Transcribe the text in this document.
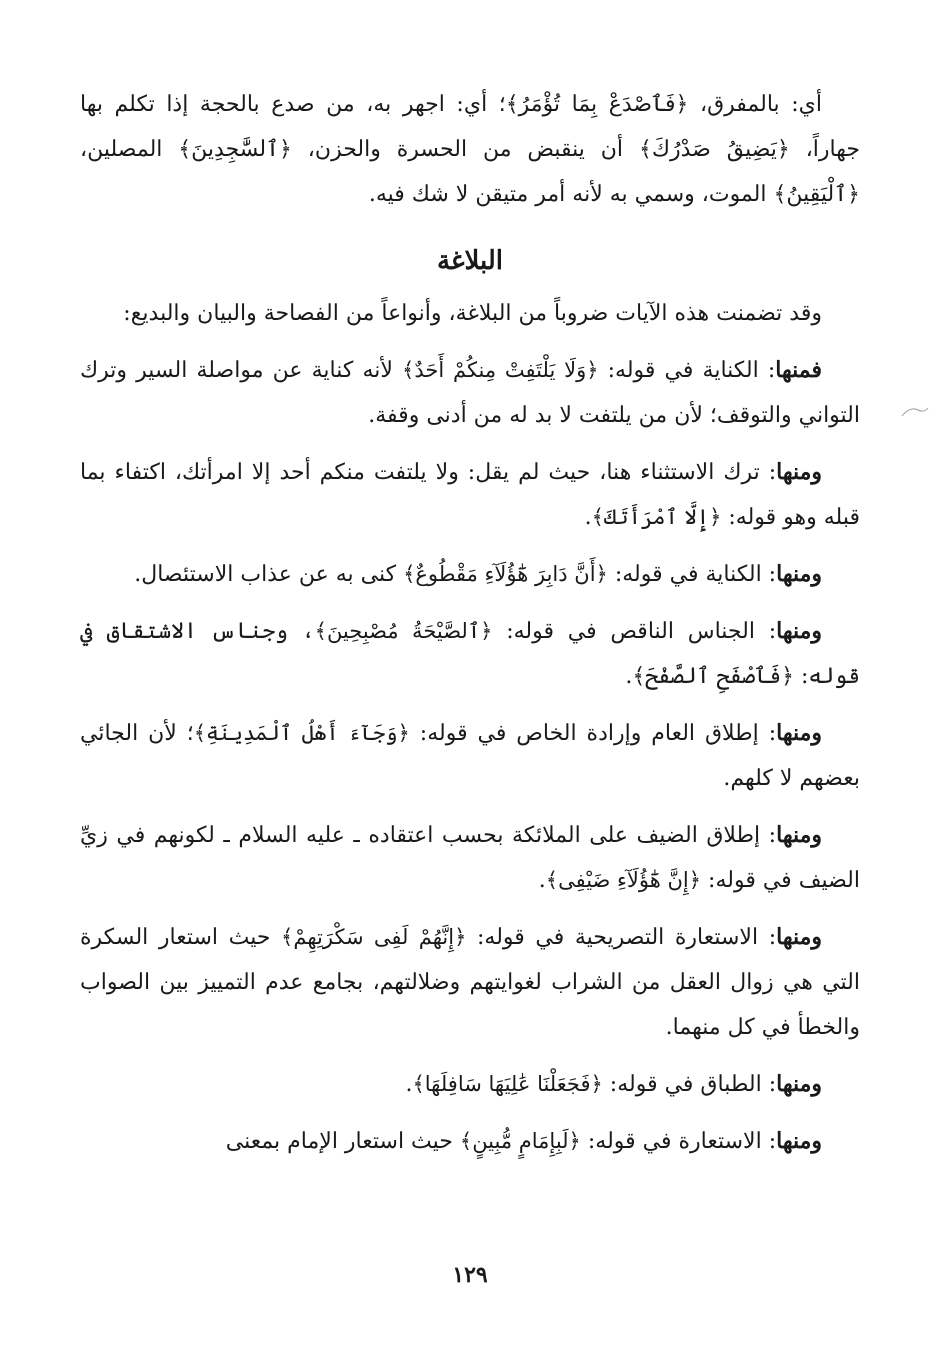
أي: بالمفرق، ﴿فَٱصْدَعْ بِمَا تُؤْمَرُ﴾؛ أي: اجهر به، من صدع بالحجة إذا تكلم بها جهاراً، ﴿يَضِيقُ صَدْرُكَ﴾ أن ينقبض من الحسرة والحزن، ﴿ٱلسَّٰجِدِينَ﴾ المصلين، ﴿ٱلْيَقِينُ﴾ الموت، وسمي به لأنه أمر متيقن لا شك فيه.

البلاغة

وقد تضمنت هذه الآيات ضروباً من البلاغة، وأنواعاً من الفصاحة والبيان والبديع:

فمنها: الكناية في قوله: ﴿وَلَا يَلْتَفِتْ مِنكُمْ أَحَدٌ﴾ لأنه كناية عن مواصلة السير وترك التواني والتوقف؛ لأن من يلتفت لا بد له من أدنى وقفة.

ومنها: ترك الاستثناء هنا، حيث لم يقل: ولا يلتفت منكم أحد إلا امرأتك، اكتفاء بما قبله وهو قوله: ﴿إِلَّا ٱمْرَأَتَكَ﴾.

ومنها: الكناية في قوله: ﴿أَنَّ دَابِرَ هَٰٓؤُلَآءِ مَقْطُوعٌ﴾ كنى به عن عذاب الاستئصال.

ومنها: الجناس الناقص في قوله: ﴿ٱلصَّيْحَةُ مُصْبِحِينَ﴾، وجناس الاشتقاق في قوله: ﴿فَٱصْفَحِ ٱلصَّفْحَ﴾.

ومنها: إطلاق العام وإرادة الخاص في قوله: ﴿وَجَآءَ أَهْلُ ٱلْمَدِينَةِ﴾؛ لأن الجائي بعضهم لا كلهم.

ومنها: إطلاق الضيف على الملائكة بحسب اعتقاده ـ عليه السلام ـ لكونهم في زيِّ الضيف في قوله: ﴿إِنَّ هَٰٓؤُلَآءِ ضَيْفِى﴾.

ومنها: الاستعارة التصريحية في قوله: ﴿إِنَّهُمْ لَفِى سَكْرَتِهِمْ﴾ حيث استعار السكرة التي هي زوال العقل من الشراب لغوايتهم وضلالتهم، بجامع عدم التمييز بين الصواب والخطأ في كل منهما.

ومنها: الطباق في قوله: ﴿فَجَعَلْنَا عَٰلِيَهَا سَافِلَهَا﴾.

ومنها: الاستعارة في قوله: ﴿لَبِإِمَامٍ مُّبِينٍ﴾ حيث استعار الإمام بمعنى

١٢٩
